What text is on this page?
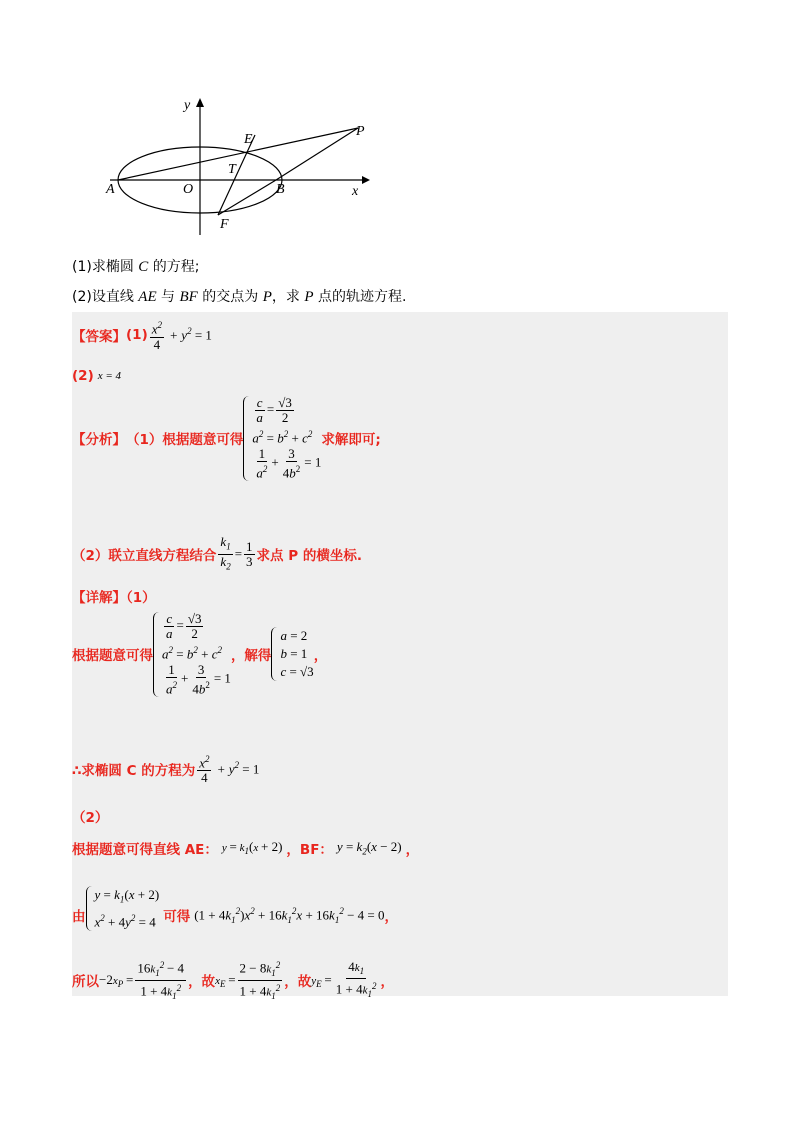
y
x
O
A	B
E
T
F
P
(1)求椭圆 C 的方程;
(2)设直线 AE 与 BF 的交点为 P，求 P 点的轨迹方程.
【答案】 $(1) \frac{x^2}{4} + y^2 = 1$
(2) x = 4
【分析】 （1）根据题意可得
$\frac{c}{a} = \frac{√3}{2}$
$a^2 = b^2 + c^2$
$\frac{1}{a^2} + \frac{3}{4b^2} = 1$
求解即可;
（2）联立直线方程结合 $\frac{k_1}{k_2} = \frac{1}{3}$ 求点 P 的横坐标.
【详解】（1）
根据题意可得
$\frac{c}{a} = \frac{√3}{2}$
$a^2 = b^2 + c^2$
$\frac{1}{a^2} + \frac{3}{4b^2} = 1$
，解得
a = 2
b = 1
c = √3
，
∴求椭圆 C 的方程为 $\frac{x^2}{4} + y^2 = 1$
（2）
根据题意可得直线 AE： $y = k_1(x + 2)$ ，BF： $y = k_2(x - 2)$ ，
由
$y = k_1(x + 2)$
$x^2 + 4y^2 = 4$ 可得 $(1 + 4k_1^2)x^2 + 16k_1^2x + 16k_1^2 - 4 = 0$ ，
所以 $-2x_P = \frac{16k_1^2 - 4}{1 + 4k_1^2}$ ，故 $x_E = \frac{2 - 8k_1^2}{1 + 4k_1^2}$ ，故 $y_E = \frac{4k_1}{1 + 4k_1^2}$ ，
